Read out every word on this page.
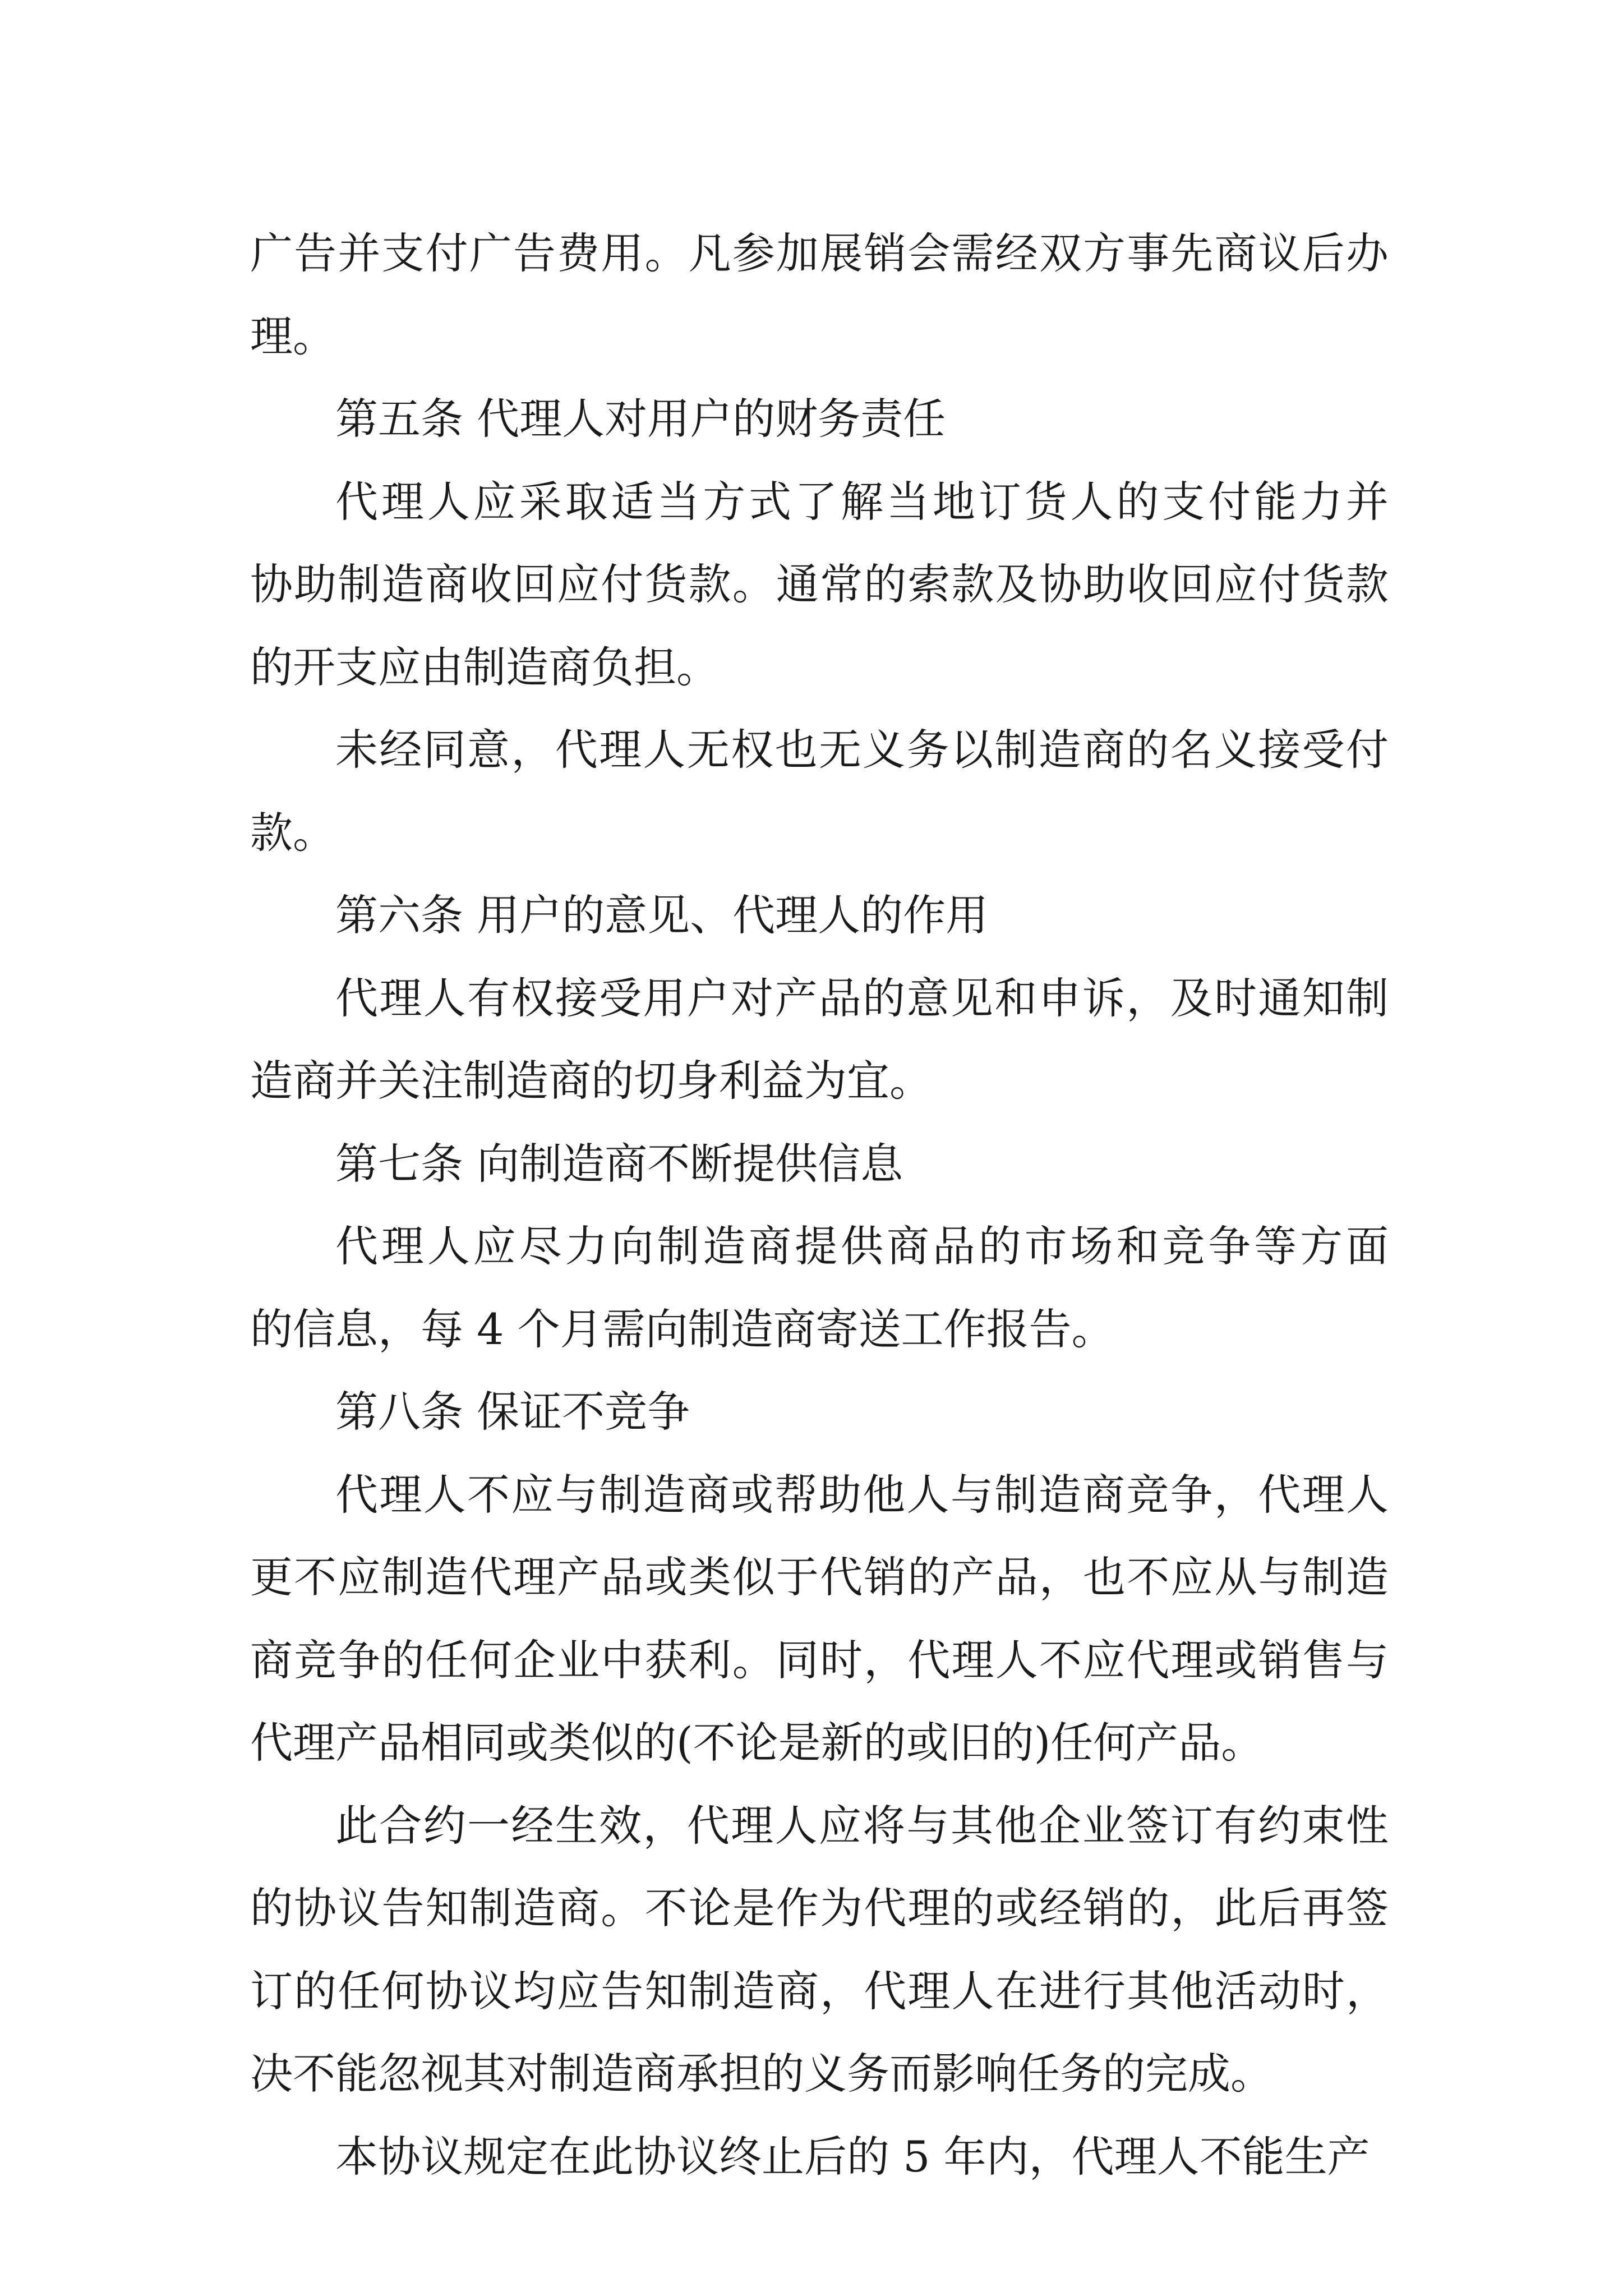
广告并支付广告费用。凡参加展销会需经双方事先商议后办
理。

第五条 代理人对用户的财务责任

代理人应采取适当方式了解当地订货人的支付能力并
协助制造商收回应付货款。通常的索款及协助收回应付货款
的开支应由制造商负担。

未经同意，代理人无权也无义务以制造商的名义接受付
款。

第六条 用户的意见、代理人的作用

代理人有权接受用户对产品的意见和申诉，及时通知制
造商并关注制造商的切身利益为宜。

第七条 向制造商不断提供信息

代理人应尽力向制造商提供商品的市场和竞争等方面
的信息，每 4 个月需向制造商寄送工作报告。

第八条 保证不竞争

代理人不应与制造商或帮助他人与制造商竞争，代理人
更不应制造代理产品或类似于代销的产品，也不应从与制造
商竞争的任何企业中获利。同时，代理人不应代理或销售与
代理产品相同或类似的(不论是新的或旧的)任何产品。

此合约一经生效，代理人应将与其他企业签订有约束性
的协议告知制造商。不论是作为代理的或经销的，此后再签
订的任何协议均应告知制造商，代理人在进行其他活动时，
决不能忽视其对制造商承担的义务而影响任务的完成。

本协议规定在此协议终止后的 5 年内，代理人不能生产
